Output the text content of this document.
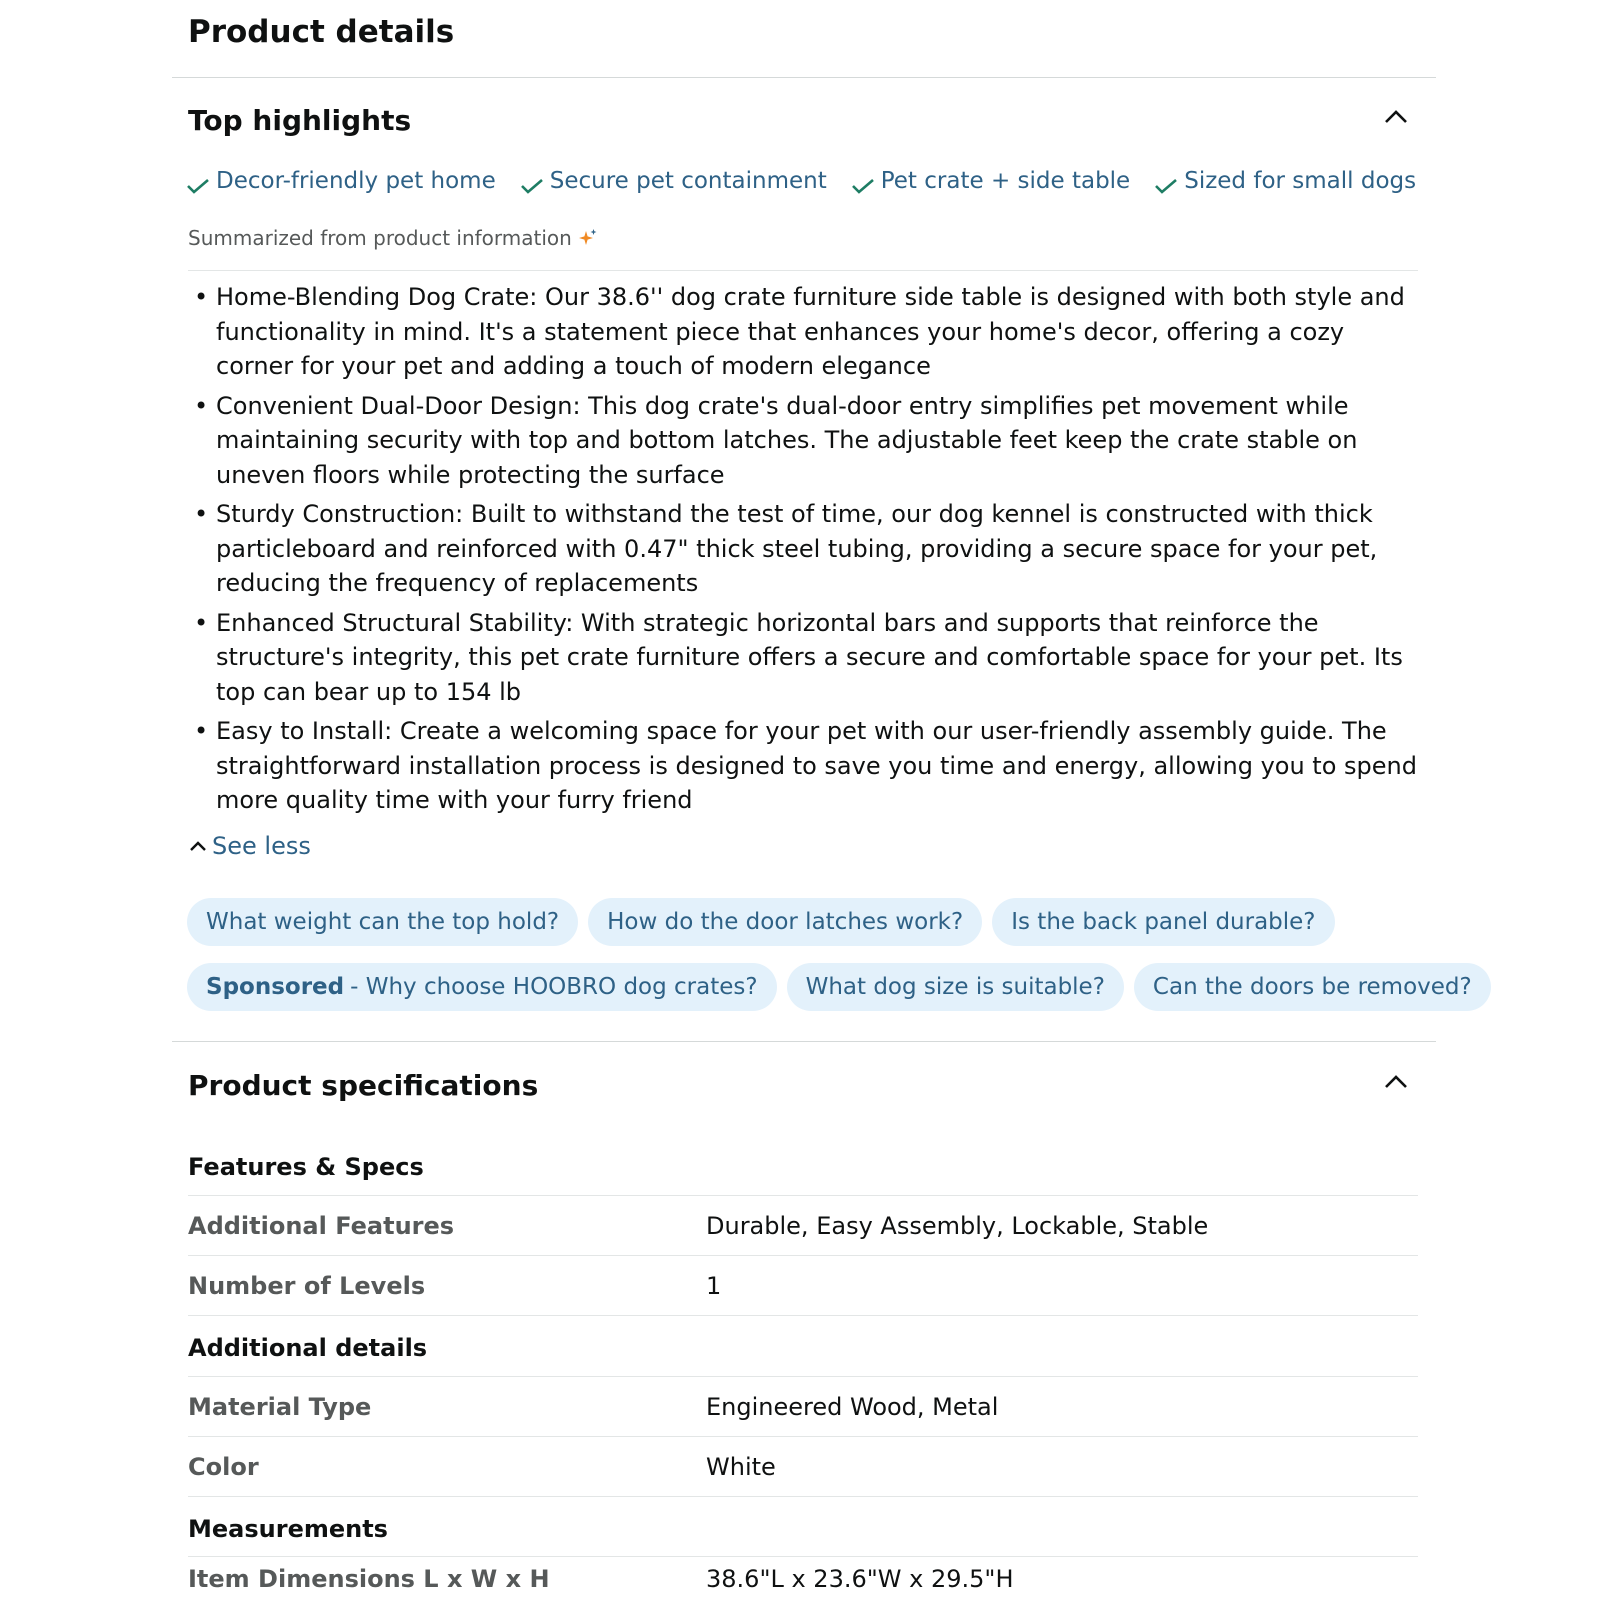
Product details
Top highlights
Decor-friendly pet home Secure pet containment Pet crate + side table Sized for small dogs
Summarized from product information
• Home-Blending Dog Crate: Our 38.6'' dog crate furniture side table is designed with both style and functionality in mind. It's a statement piece that enhances your home's decor, offering a cozy corner for your pet and adding a touch of modern elegance
• Convenient Dual-Door Design: This dog crate's dual-door entry simplifies pet movement while maintaining security with top and bottom latches. The adjustable feet keep the crate stable on uneven floors while protecting the surface
• Sturdy Construction: Built to withstand the test of time, our dog kennel is constructed with thick particleboard and reinforced with 0.47" thick steel tubing, providing a secure space for your pet, reducing the frequency of replacements
• Enhanced Structural Stability: With strategic horizontal bars and supports that reinforce the structure's integrity, this pet crate furniture offers a secure and comfortable space for your pet. Its top can bear up to 154 lb
• Easy to Install: Create a welcoming space for your pet with our user-friendly assembly guide. The straightforward installation process is designed to save you time and energy, allowing you to spend more quality time with your furry friend
See less
What weight can the top hold?	How do the door latches work?	Is the back panel durable?
Sponsored - Why choose HOOBRO dog crates?	What dog size is suitable?	Can the doors be removed?
Product specifications
Features & Specs
Additional Features	Durable, Easy Assembly, Lockable, Stable
Number of Levels	1
Additional details
Material Type	Engineered Wood, Metal
Color	White
Measurements
Item Dimensions L x W x H	38.6"L x 23.6"W x 29.5"H
